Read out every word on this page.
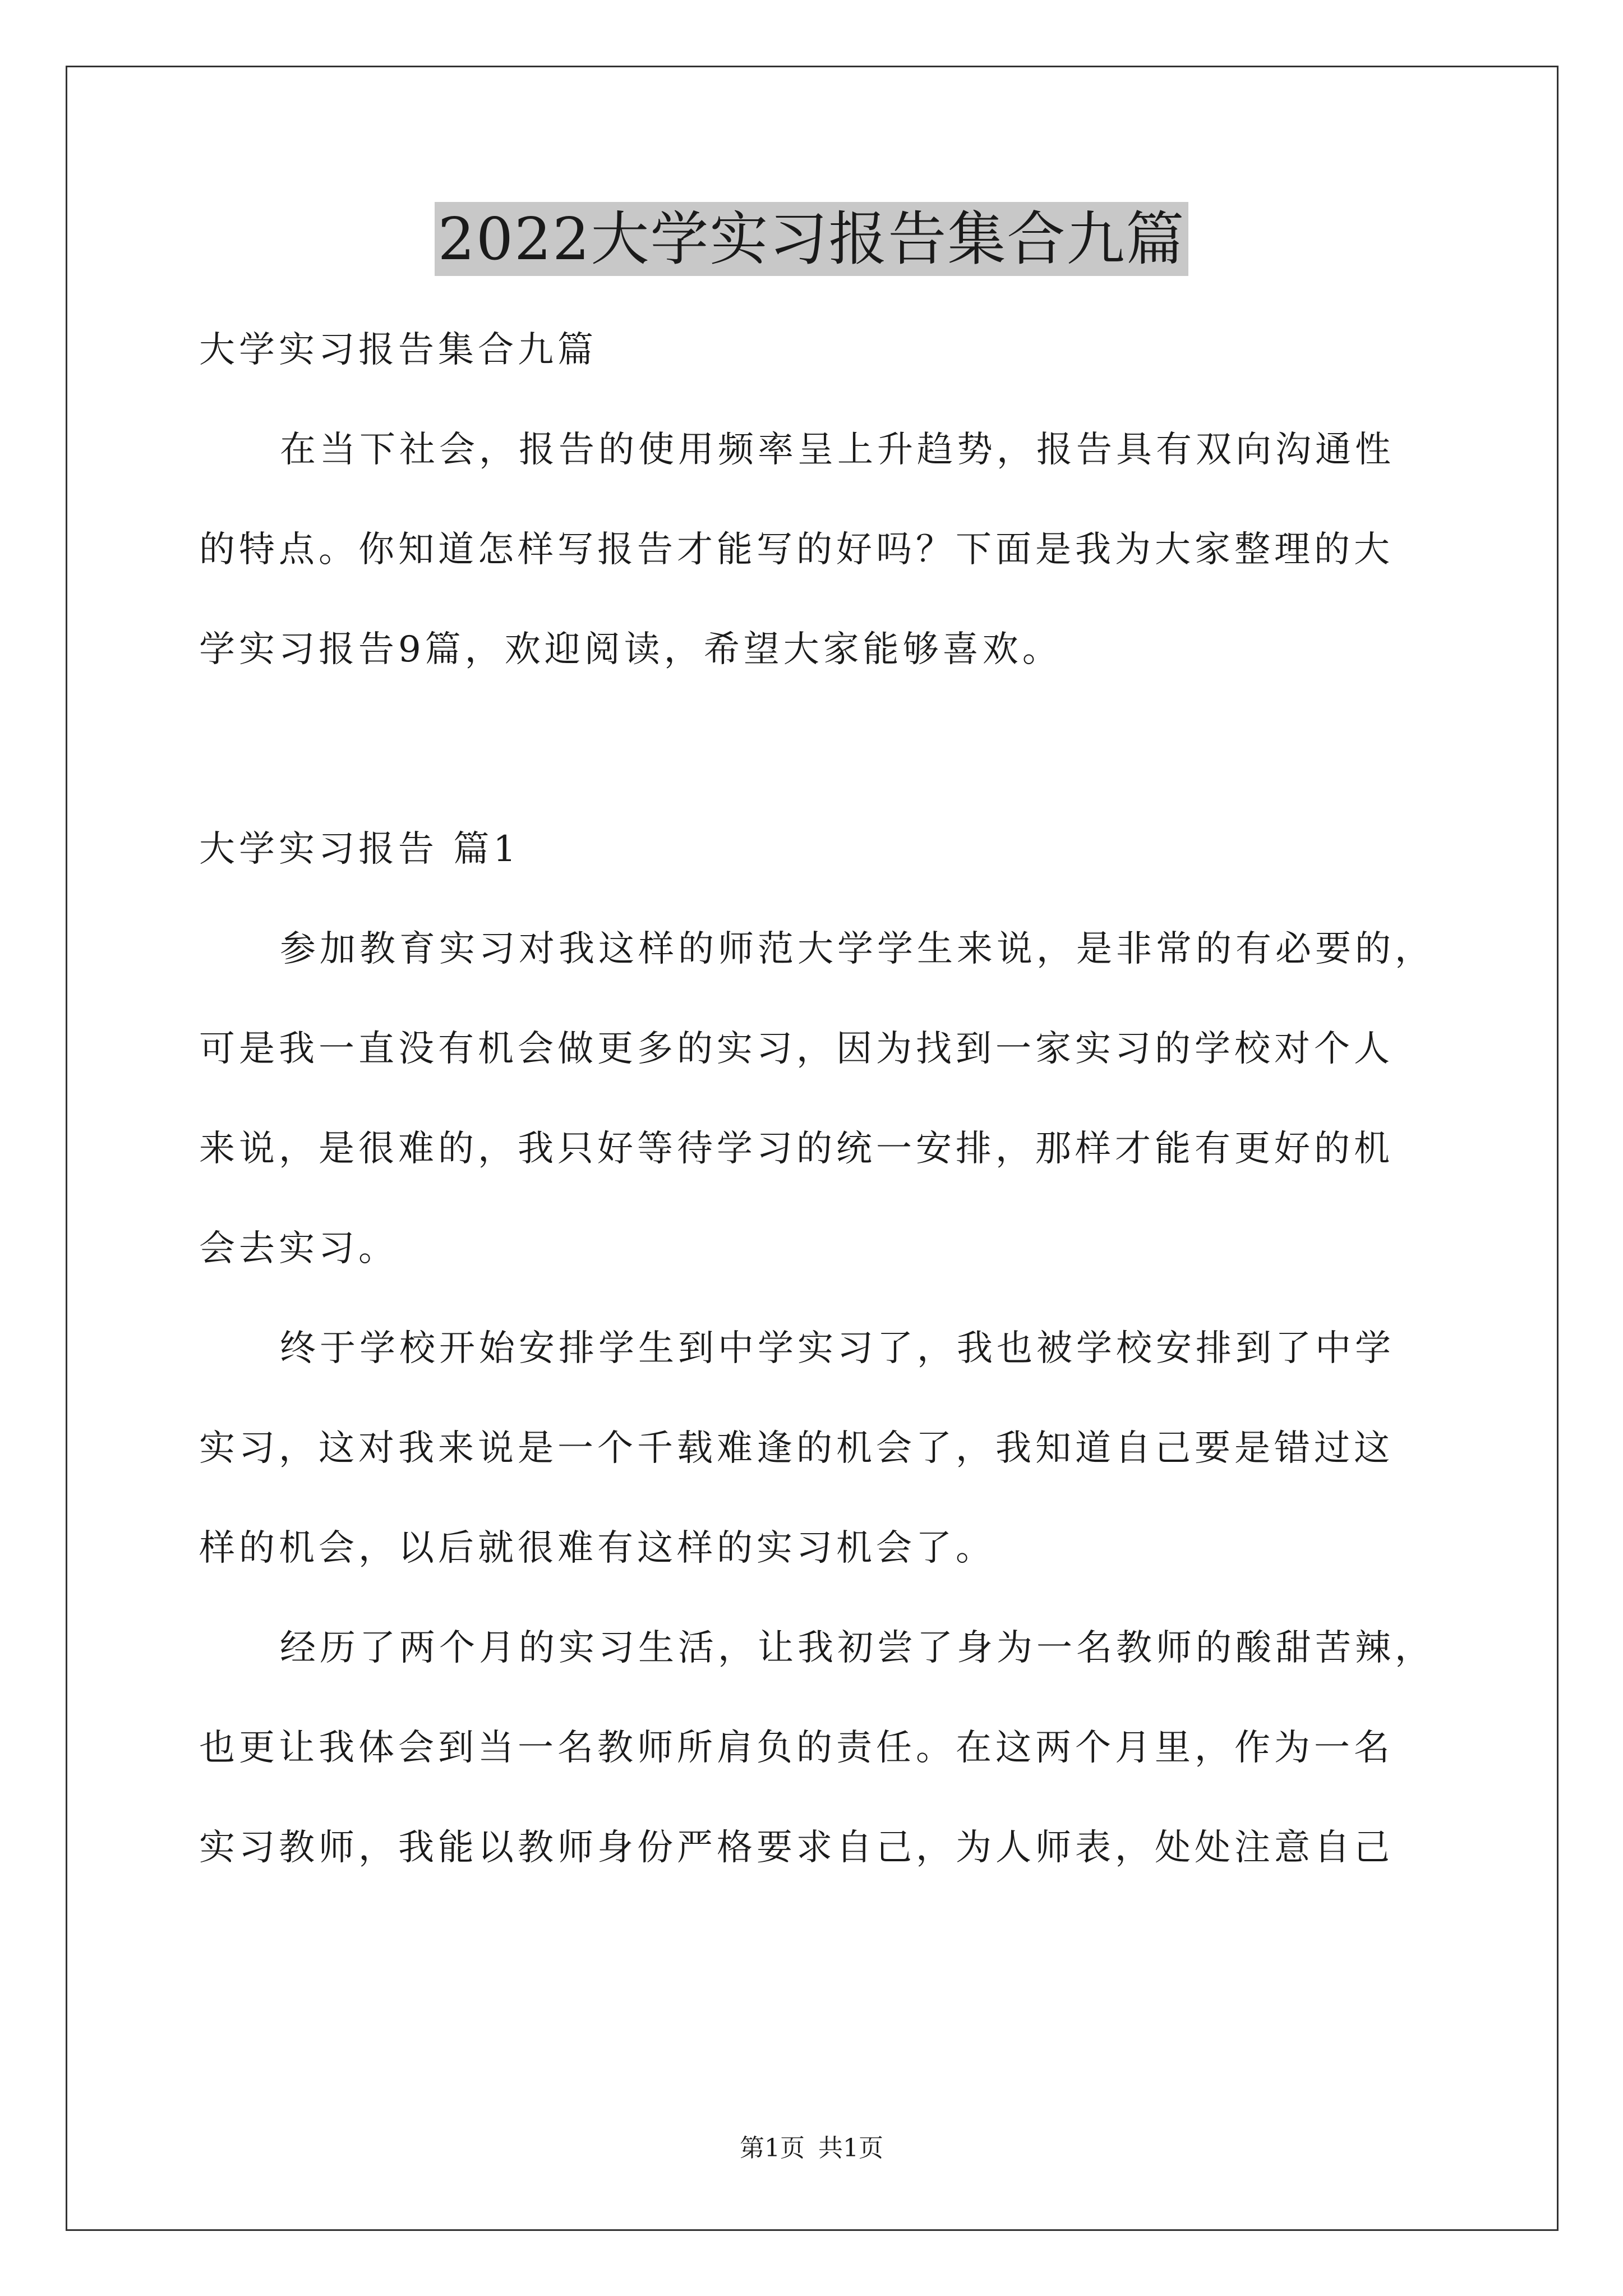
2022大学实习报告集合九篇
大学实习报告集合九篇
在当下社会，报告的使用频率呈上升趋势，报告具有双向沟通性
的特点。你知道怎样写报告才能写的好吗？下面是我为大家整理的大
学实习报告9篇，欢迎阅读，希望大家能够喜欢。
大学实习报告 篇1
参加教育实习对我这样的师范大学学生来说，是非常的有必要的，
可是我一直没有机会做更多的实习，因为找到一家实习的学校对个人
来说，是很难的，我只好等待学习的统一安排，那样才能有更好的机
会去实习。
终于学校开始安排学生到中学实习了，我也被学校安排到了中学
实习，这对我来说是一个千载难逢的机会了，我知道自己要是错过这
样的机会，以后就很难有这样的实习机会了。
经历了两个月的实习生活，让我初尝了身为一名教师的酸甜苦辣，
也更让我体会到当一名教师所肩负的责任。在这两个月里，作为一名
实习教师，我能以教师身份严格要求自己，为人师表，处处注意自己
第1页 共1页
